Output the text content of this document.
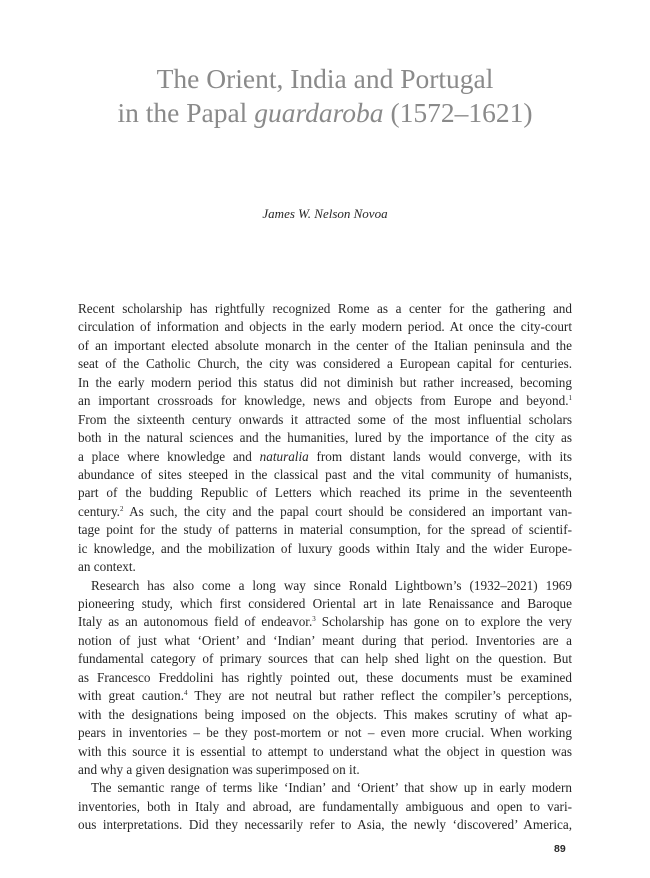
The Orient, India and Portugal
in the Papal guardaroba (1572–1621)
James W. Nelson Novoa
Recent scholarship has rightfully recognized Rome as a center for the gathering and
circulation of information and objects in the early modern period. At once the city-court
of an important elected absolute monarch in the center of the Italian peninsula and the
seat of the Catholic Church, the city was considered a European capital for centuries.
In the early modern period this status did not diminish but rather increased, becoming
an important crossroads for knowledge, news and objects from Europe and beyond.$^1$
From the sixteenth century onwards it attracted some of the most influential scholars
both in the natural sciences and the humanities, lured by the importance of the city as
a place where knowledge and naturalia from distant lands would converge, with its
abundance of sites steeped in the classical past and the vital community of humanists,
part of the budding Republic of Letters which reached its prime in the seventeenth
century.$^2$ As such, the city and the papal court should be considered an important van-
tage point for the study of patterns in material consumption, for the spread of scientif-
ic knowledge, and the mobilization of luxury goods within Italy and the wider Europe-
an context.
Research has also come a long way since Ronald Lightbown’s (1932–2021) 1969
pioneering study, which first considered Oriental art in late Renaissance and Baroque
Italy as an autonomous field of endeavor.$^3$ Scholarship has gone on to explore the very
notion of just what ‘Orient’ and ‘Indian’ meant during that period. Inventories are a
fundamental category of primary sources that can help shed light on the question. But
as Francesco Freddolini has rightly pointed out, these documents must be examined
with great caution.$^4$ They are not neutral but rather reflect the compiler’s perceptions,
with the designations being imposed on the objects. This makes scrutiny of what ap-
pears in inventories – be they post-mortem or not – even more crucial. When working
with this source it is essential to attempt to understand what the object in question was
and why a given designation was superimposed on it.
The semantic range of terms like ‘Indian’ and ‘Orient’ that show up in early modern
inventories, both in Italy and abroad, are fundamentally ambiguous and open to vari-
ous interpretations. Did they necessarily refer to Asia, the newly ‘discovered’ America,
89
